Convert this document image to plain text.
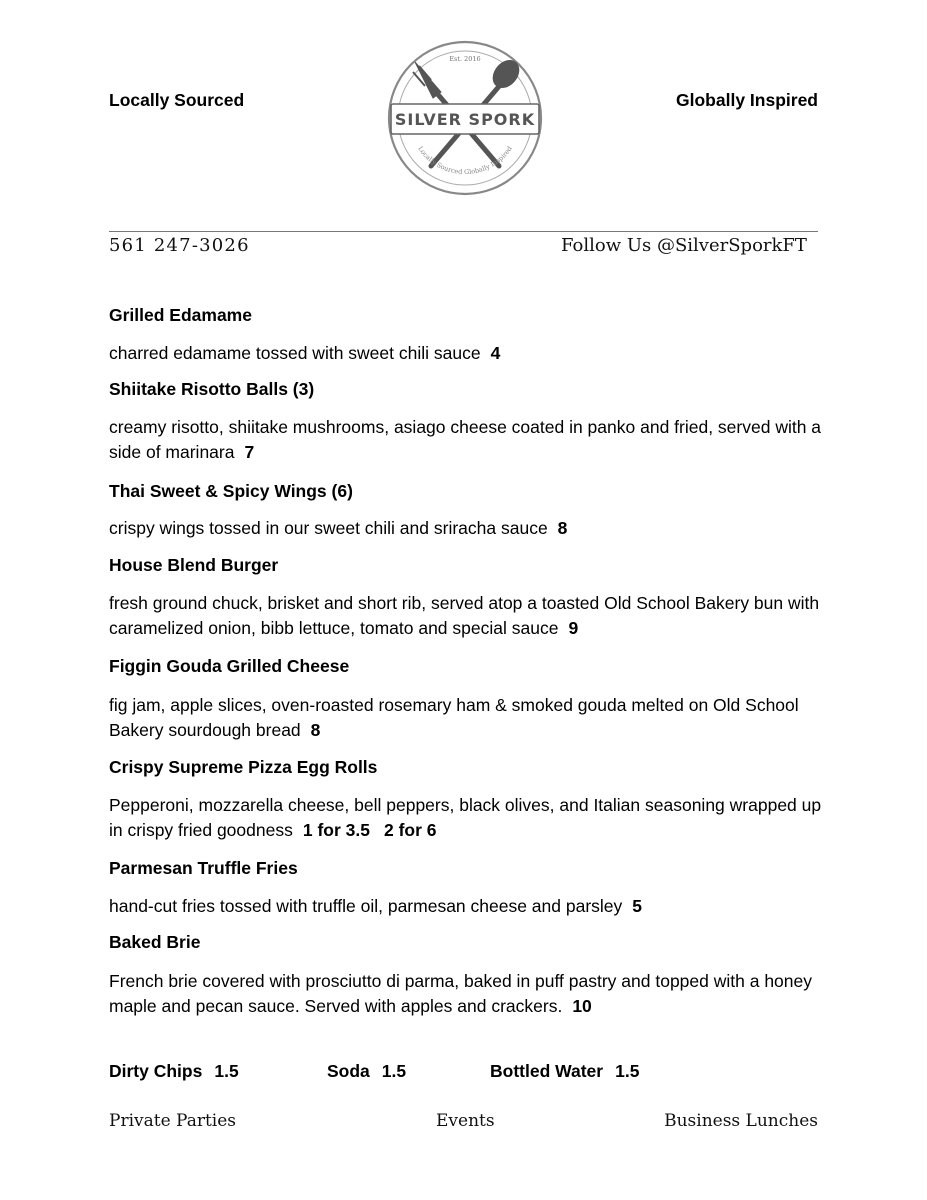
Locally Sourced	Globally Inspired
Est. 2016
SILVER SPORK
Locally Sourced Globally Inspired
561 247-3026	Follow Us @SilverSporkFT
Grilled Edamame
charred edamame tossed with sweet chili sauce 4
Shiitake Risotto Balls (3)
creamy risotto, shiitake mushrooms, asiago cheese coated in panko and fried, served with a side of marinara 7
Thai Sweet & Spicy Wings (6)
crispy wings tossed in our sweet chili and sriracha sauce 8
House Blend Burger
fresh ground chuck, brisket and short rib, served atop a toasted Old School Bakery bun with caramelized onion, bibb lettuce, tomato and special sauce 9
Figgin Gouda Grilled Cheese
fig jam, apple slices, oven-roasted rosemary ham & smoked gouda melted on Old School Bakery sourdough bread 8
Crispy Supreme Pizza Egg Rolls
Pepperoni, mozzarella cheese, bell peppers, black olives, and Italian seasoning wrapped up in crispy fried goodness 1 for 3.5 2 for 6
Parmesan Truffle Fries
hand-cut fries tossed with truffle oil, parmesan cheese and parsley 5
Baked Brie
French brie covered with prosciutto di parma, baked in puff pastry and topped with a honey maple and pecan sauce. Served with apples and crackers. 10
Dirty Chips 1.5	Soda 1.5	Bottled Water 1.5
Private Parties	Events	Business Lunches
